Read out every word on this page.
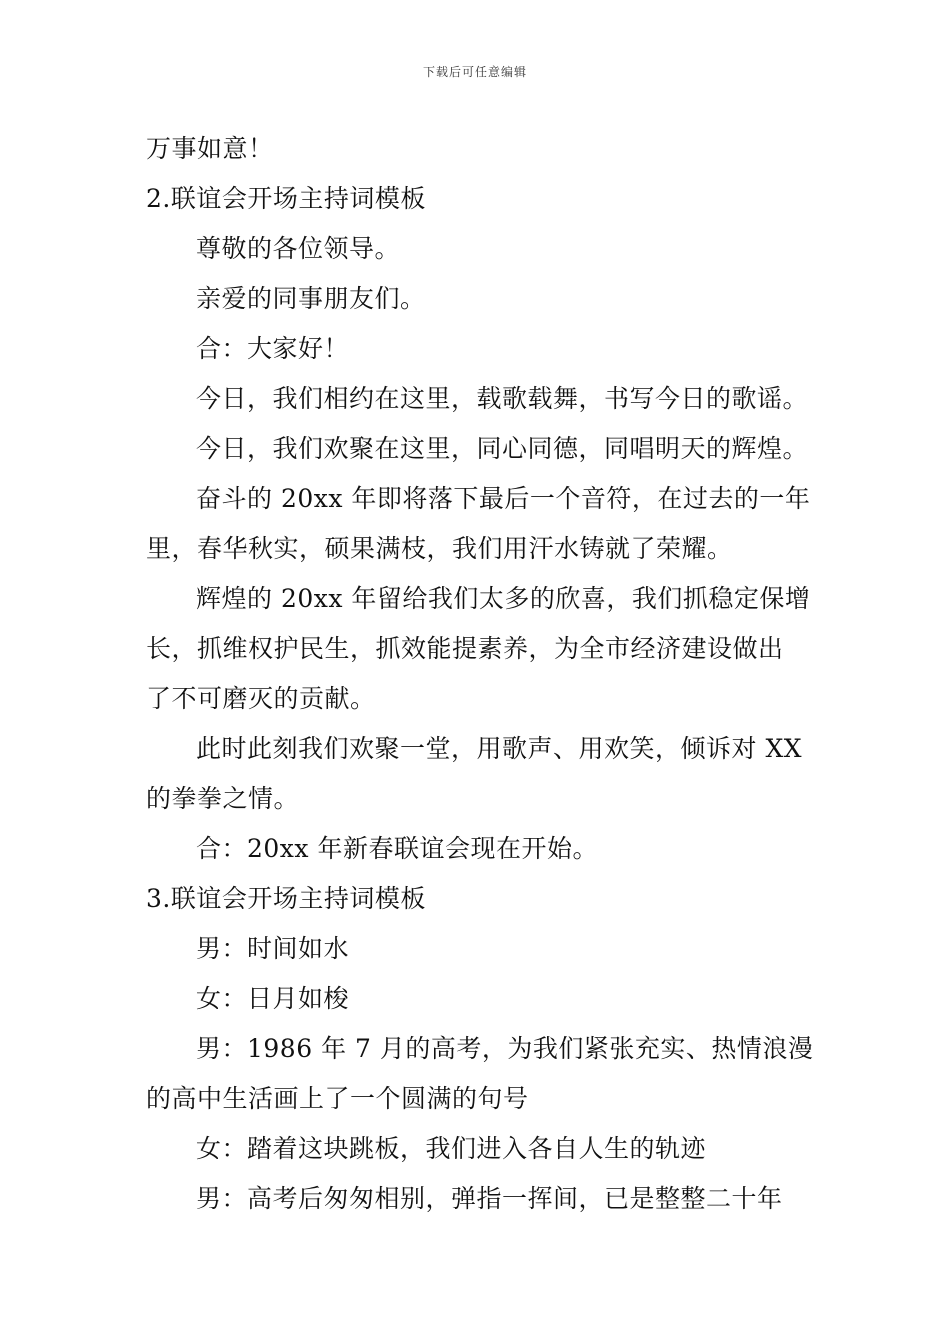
下载后可任意编辑
万事如意！
2.联谊会开场主持词模板
尊敬的各位领导。
亲爱的同事朋友们。
合：大家好！
今日，我们相约在这里，载歌载舞，书写今日的歌谣。
今日，我们欢聚在这里，同心同德，同唱明天的辉煌。
奋斗的 20xx 年即将落下最后一个音符，在过去的一年
里，春华秋实，硕果满枝，我们用汗水铸就了荣耀。
辉煌的 20xx 年留给我们太多的欣喜，我们抓稳定保增
长，抓维权护民生，抓效能提素养，为全市经济建设做出
了不可磨灭的贡献。
此时此刻我们欢聚一堂，用歌声、用欢笑，倾诉对 XX
的拳拳之情。
合：20xx 年新春联谊会现在开始。
3.联谊会开场主持词模板
男：时间如水
女：日月如梭
男：1986 年 7 月的高考，为我们紧张充实、热情浪漫
的高中生活画上了一个圆满的句号
女：踏着这块跳板，我们进入各自人生的轨迹
男：高考后匆匆相别，弹指一挥间，已是整整二十年
